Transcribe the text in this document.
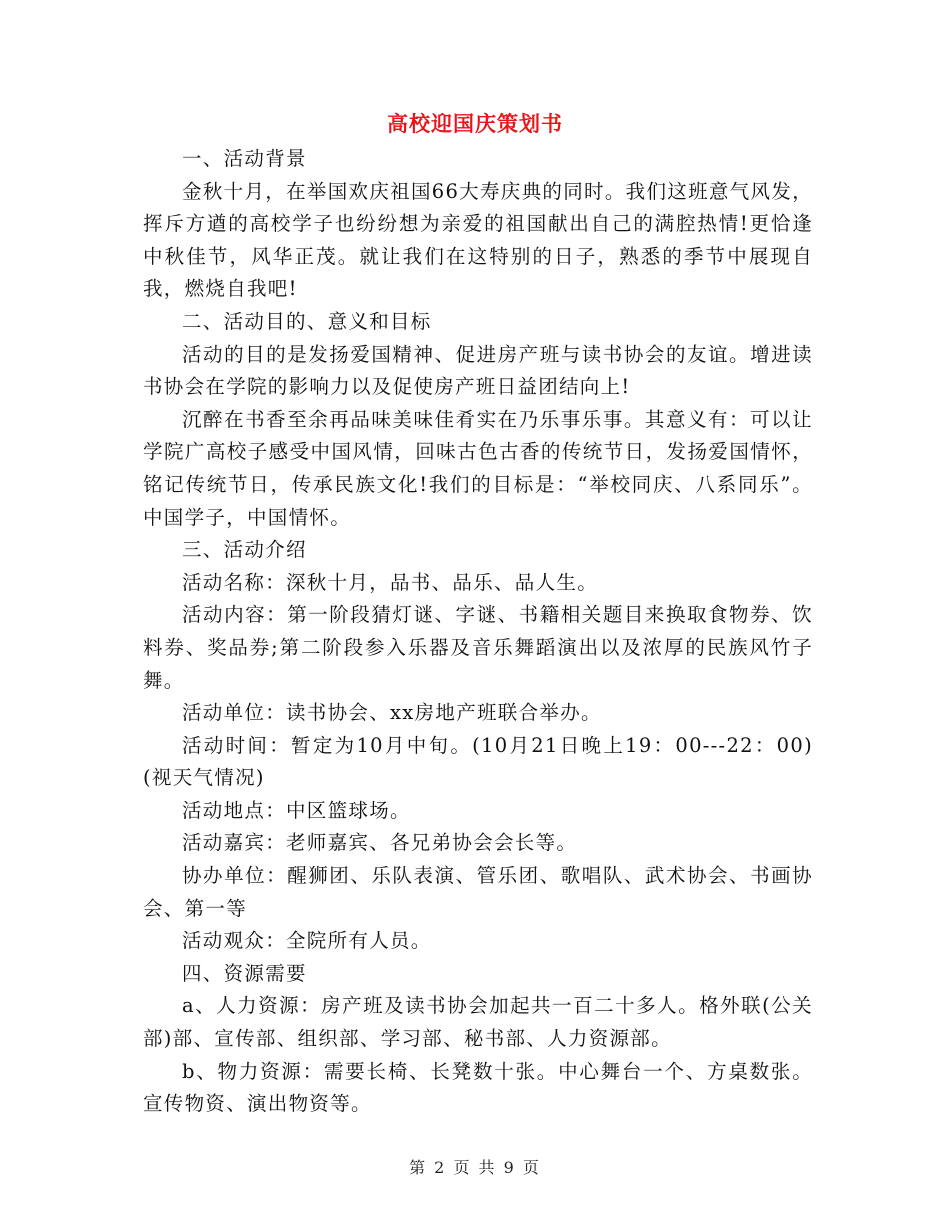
高校迎国庆策划书

一、活动背景

金秋十月，在举国欢庆祖国66大寿庆典的同时。我们这班意气风发，挥斥方遒的高校学子也纷纷想为亲爱的祖国献出自己的满腔热情!更恰逢中秋佳节，风华正茂。就让我们在这特别的日子，熟悉的季节中展现自我，燃烧自我吧!

二、活动目的、意义和目标

活动的目的是发扬爱国精神、促进房产班与读书协会的友谊。增进读书协会在学院的影响力以及促使房产班日益团结向上!

沉醉在书香至余再品味美味佳肴实在乃乐事乐事。其意义有：可以让学院广高校子感受中国风情，回味古色古香的传统节日，发扬爱国情怀，铭记传统节日，传承民族文化!我们的目标是：“举校同庆、八系同乐”。中国学子，中国情怀。

三、活动介绍

活动名称：深秋十月，品书、品乐、品人生。

活动内容：第一阶段猜灯谜、字谜、书籍相关题目来换取食物券、饮料券、奖品券;第二阶段参入乐器及音乐舞蹈演出以及浓厚的民族风竹子舞。

活动单位：读书协会、xx房地产班联合举办。

活动时间：暂定为10月中旬。(10月21日晚上19：00---22：00)(视天气情况)

活动地点：中区篮球场。

活动嘉宾：老师嘉宾、各兄弟协会会长等。

协办单位：醒狮团、乐队表演、管乐团、歌唱队、武术协会、书画协会、第一等

活动观众：全院所有人员。

四、资源需要

a、人力资源：房产班及读书协会加起共一百二十多人。格外联(公关部)部、宣传部、组织部、学习部、秘书部、人力资源部。

b、物力资源：需要长椅、长凳数十张。中心舞台一个、方桌数张。宣传物资、演出物资等。

第 2 页 共 9 页
